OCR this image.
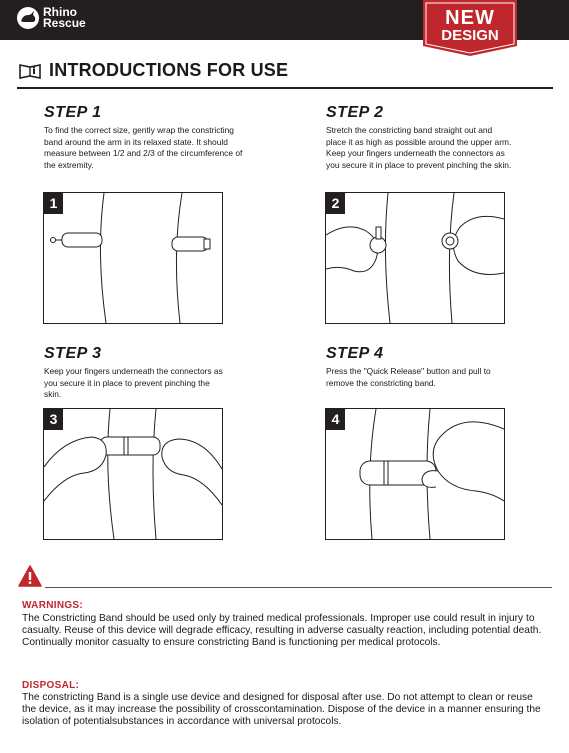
Rhino
Rescue	NEW
DESIGN
INTRODUCTIONS FOR USE
STEP 1
To find the correct size, gently wrap the constricting band around the arm in its relaxed state. It should measure between 1/2 and 2/3 of the circumference of the extremity.
1
STEP 2
Stretch the constricting band straight out and place it as high as possible around the upper arm. Keep your fingers underneath the connectors as you secure it in place to prevent pinching the skin.
2
STEP 3
Keep your fingers underneath the connectors as you secure it in place to prevent pinching the skin.
3
STEP 4
Press the "Quick Release" button and pull to remove the constricting band.
4
WARNINGS:
The Constricting Band should be used only by trained medical professionals. Improper use could result in injury to casualty. Reuse of this device will degrade efficacy, resulting in adverse casualty reaction, including potential death. Continually monitor casualty to ensure constricting Band is functioning per medical protocols.
DISPOSAL:
The constricting Band is a single use device and designed for disposal after use. Do not attempt to clean or reuse the device, as it may increase the possibility of crosscontamination. Dispose of the device in a manner ensuring the isolation of potentialsubstances in accordance with universal protocols.
